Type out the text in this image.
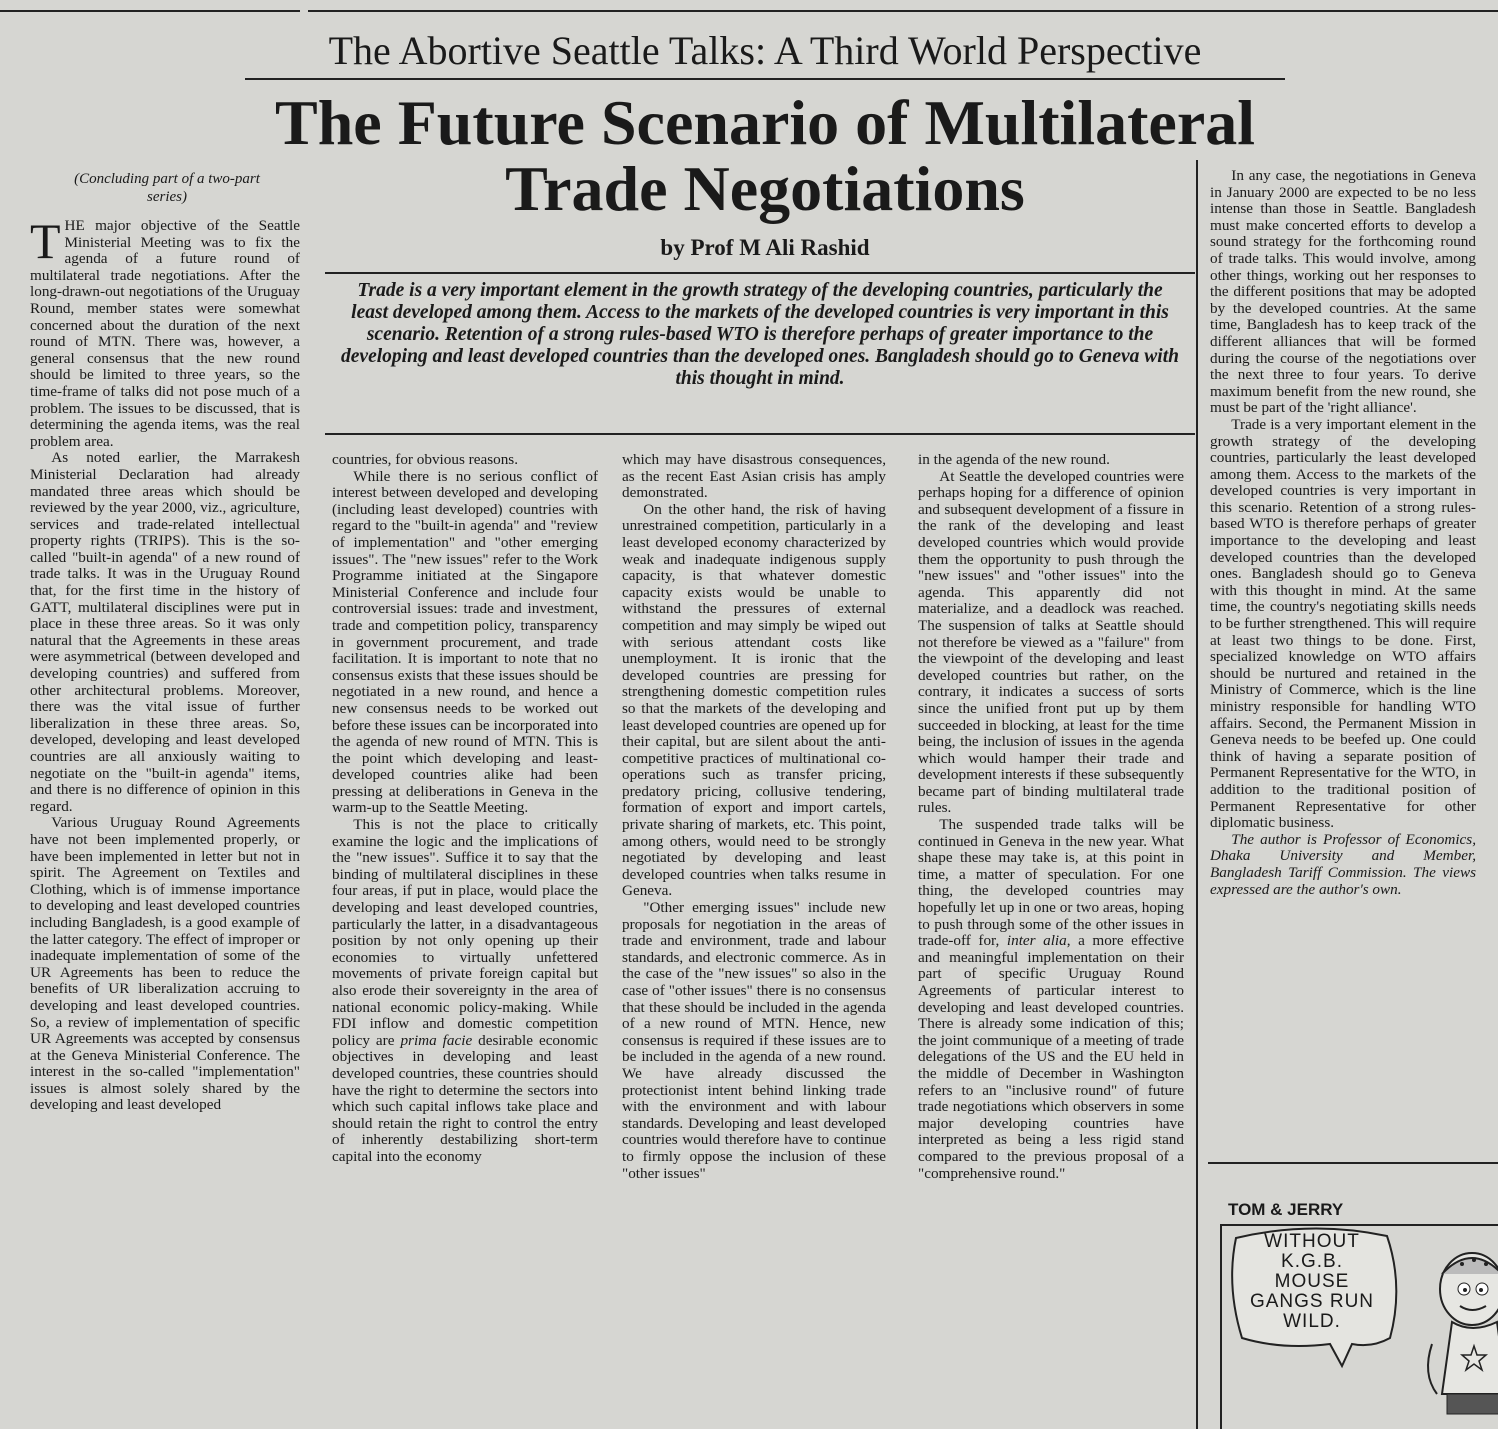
The Abortive Seattle Talks: A Third World Perspective
The Future Scenario of Multilateral Trade Negotiations
by Prof M Ali Rashid
Trade is a very important element in the growth strategy of the developing countries, particularly the least developed among them. Access to the markets of the developed countries is very important in this scenario. Retention of a strong rules-based WTO is therefore perhaps of greater importance to the developing and least developed countries than the developed ones. Bangladesh should go to Geneva with this thought in mind.
(Concluding part of a two-part series)

THE major objective of the Seattle Ministerial Meeting was to fix the agenda of a future round of multilateral trade negotiations. After the long-drawn-out negotiations of the Uruguay Round, member states were somewhat concerned about the duration of the next round of MTN. There was, however, a general consensus that the new round should be limited to three years, so the time-frame of talks did not pose much of a problem. The issues to be discussed, that is determining the agenda items, was the real problem area.

As noted earlier, the Marrakesh Ministerial Declaration had already mandated three areas which should be reviewed by the year 2000, viz., agriculture, services and trade-related intellectual property rights (TRIPS). This is the so-called "built-in agenda" of a new round of trade talks. It was in the Uruguay Round that, for the first time in the history of GATT, multilateral disciplines were put in place in these three areas. So it was only natural that the Agreements in these areas were asymmetrical (between developed and developing countries) and suffered from other architectural problems. Moreover, there was the vital issue of further liberalization in these three areas. So, developed, developing and least developed countries are all anxiously waiting to negotiate on the "built-in agenda" items, and there is no difference of opinion in this regard.

Various Uruguay Round Agreements have not been implemented properly, or have been implemented in letter but not in spirit. The Agreement on Textiles and Clothing, which is of immense importance to developing and least developed countries including Bangladesh, is a good example of the latter category. The effect of improper or inadequate implementation of some of the UR Agreements has been to reduce the benefits of UR liberalization accruing to developing and least developed countries. So, a review of implementation of specific UR Agreements was accepted by consensus at the Geneva Ministerial Conference. The interest in the so-called "implementation" issues is almost solely shared by the developing and least developed

countries, for obvious reasons.

While there is no serious conflict of interest between developed and developing (including least developed) countries with regard to the "built-in agenda" and "review of implementation" and "other emerging issues". The "new issues" refer to the Work Programme initiated at the Singapore Ministerial Conference and include four controversial issues: trade and investment, trade and competition policy, transparency in government procurement, and trade facilitation. It is important to note that no consensus exists that these issues should be negotiated in a new round, and hence a new consensus needs to be worked out before these issues can be incorporated into the agenda of new round of MTN. This is the point which developing and least-developed countries alike had been pressing at deliberations in Geneva in the warm-up to the Seattle Meeting.

This is not the place to critically examine the logic and the implications of the "new issues". Suffice it to say that the binding of multilateral disciplines in these four areas, if put in place, would place the developing and least developed countries, particularly the latter, in a disadvantageous position by not only opening up their economies to virtually unfettered movements of private foreign capital but also erode their sovereignty in the area of national economic policy-making. While FDI inflow and domestic competition policy are prima facie desirable economic objectives in developing and least developed countries, these countries should have the right to determine the sectors into which such capital inflows take place and should retain the right to control the entry of inherently destabilizing short-term capital into the economy

which may have disastrous consequences, as the recent East Asian crisis has amply demonstrated.

On the other hand, the risk of having unrestrained competition, particularly in a least developed economy characterized by weak and inadequate indigenous supply capacity, is that whatever domestic capacity exists would be unable to withstand the pressures of external competition and may simply be wiped out with serious attendant costs like unemployment. It is ironic that the developed countries are pressing for strengthening domestic competition rules so that the markets of the developing and least developed countries are opened up for their capital, but are silent about the anti-competitive practices of multinational co-operations such as transfer pricing, predatory pricing, collusive tendering, formation of export and import cartels, private sharing of markets, etc. This point, among others, would need to be strongly negotiated by developing and least developed countries when talks resume in Geneva.

"Other emerging issues" include new proposals for negotiation in the areas of trade and environment, trade and labour standards, and electronic commerce. As in the case of the "new issues" so also in the case of "other issues" there is no consensus that these should be included in the agenda of a new round of MTN. Hence, new consensus is required if these issues are to be included in the agenda of a new round. We have already discussed the protectionist intent behind linking trade with the environment and with labour standards. Developing and least developed countries would therefore have to continue to firmly oppose the inclusion of these "other issues"

in the agenda of the new round.

At Seattle the developed countries were perhaps hoping for a difference of opinion and subsequent development of a fissure in the rank of the developing and least developed countries which would provide them the opportunity to push through the "new issues" and "other issues" into the agenda. This apparently did not materialize, and a deadlock was reached. The suspension of talks at Seattle should not therefore be viewed as a "failure" from the viewpoint of the developing and least developed countries but rather, on the contrary, it indicates a success of sorts since the unified front put up by them succeeded in blocking, at least for the time being, the inclusion of issues in the agenda which would hamper their trade and development interests if these subsequently became part of binding multilateral trade rules.

The suspended trade talks will be continued in Geneva in the new year. What shape these may take is, at this point in time, a matter of speculation. For one thing, the developed countries may hopefully let up in one or two areas, hoping to push through some of the other issues in trade-off for, inter alia, a more effective and meaningful implementation on their part of specific Uruguay Round Agreements of particular interest to developing and least developed countries. There is already some indication of this; the joint communique of a meeting of trade delegations of the US and the EU held in the middle of December in Washington refers to an "inclusive round" of future trade negotiations which observers in some major developing countries have interpreted as being a less rigid stand compared to the previous proposal of a "comprehensive round."

In any case, the negotiations in Geneva in January 2000 are expected to be no less intense than those in Seattle. Bangladesh must make concerted efforts to develop a sound strategy for the forthcoming round of trade talks. This would involve, among other things, working out her responses to the different positions that may be adopted by the developed countries. At the same time, Bangladesh has to keep track of the different alliances that will be formed during the course of the negotiations over the next three to four years. To derive maximum benefit from the new round, she must be part of the 'right alliance'.

Trade is a very important element in the growth strategy of the developing countries, particularly the least developed among them. Access to the markets of the developed countries is very important in this scenario. Retention of a strong rules-based WTO is therefore perhaps of greater importance to the developing and least developed countries than the developed ones. Bangladesh should go to Geneva with this thought in mind. At the same time, the country's negotiating skills needs to be further strengthened. This will require at least two things to be done. First, specialized knowledge on WTO affairs should be nurtured and retained in the Ministry of Commerce, which is the line ministry responsible for handling WTO affairs. Second, the Permanent Mission in Geneva needs to be beefed up. One could think of having a separate position of Permanent Representative for the WTO, in addition to the traditional position of Permanent Representative for other diplomatic business.

The author is Professor of Economics, Dhaka University and Member, Bangladesh Tariff Commission. The views expressed are the author's own.

TOM & JERRY
WITHOUT K.G.B. MOUSE GANGS RUN WILD.
